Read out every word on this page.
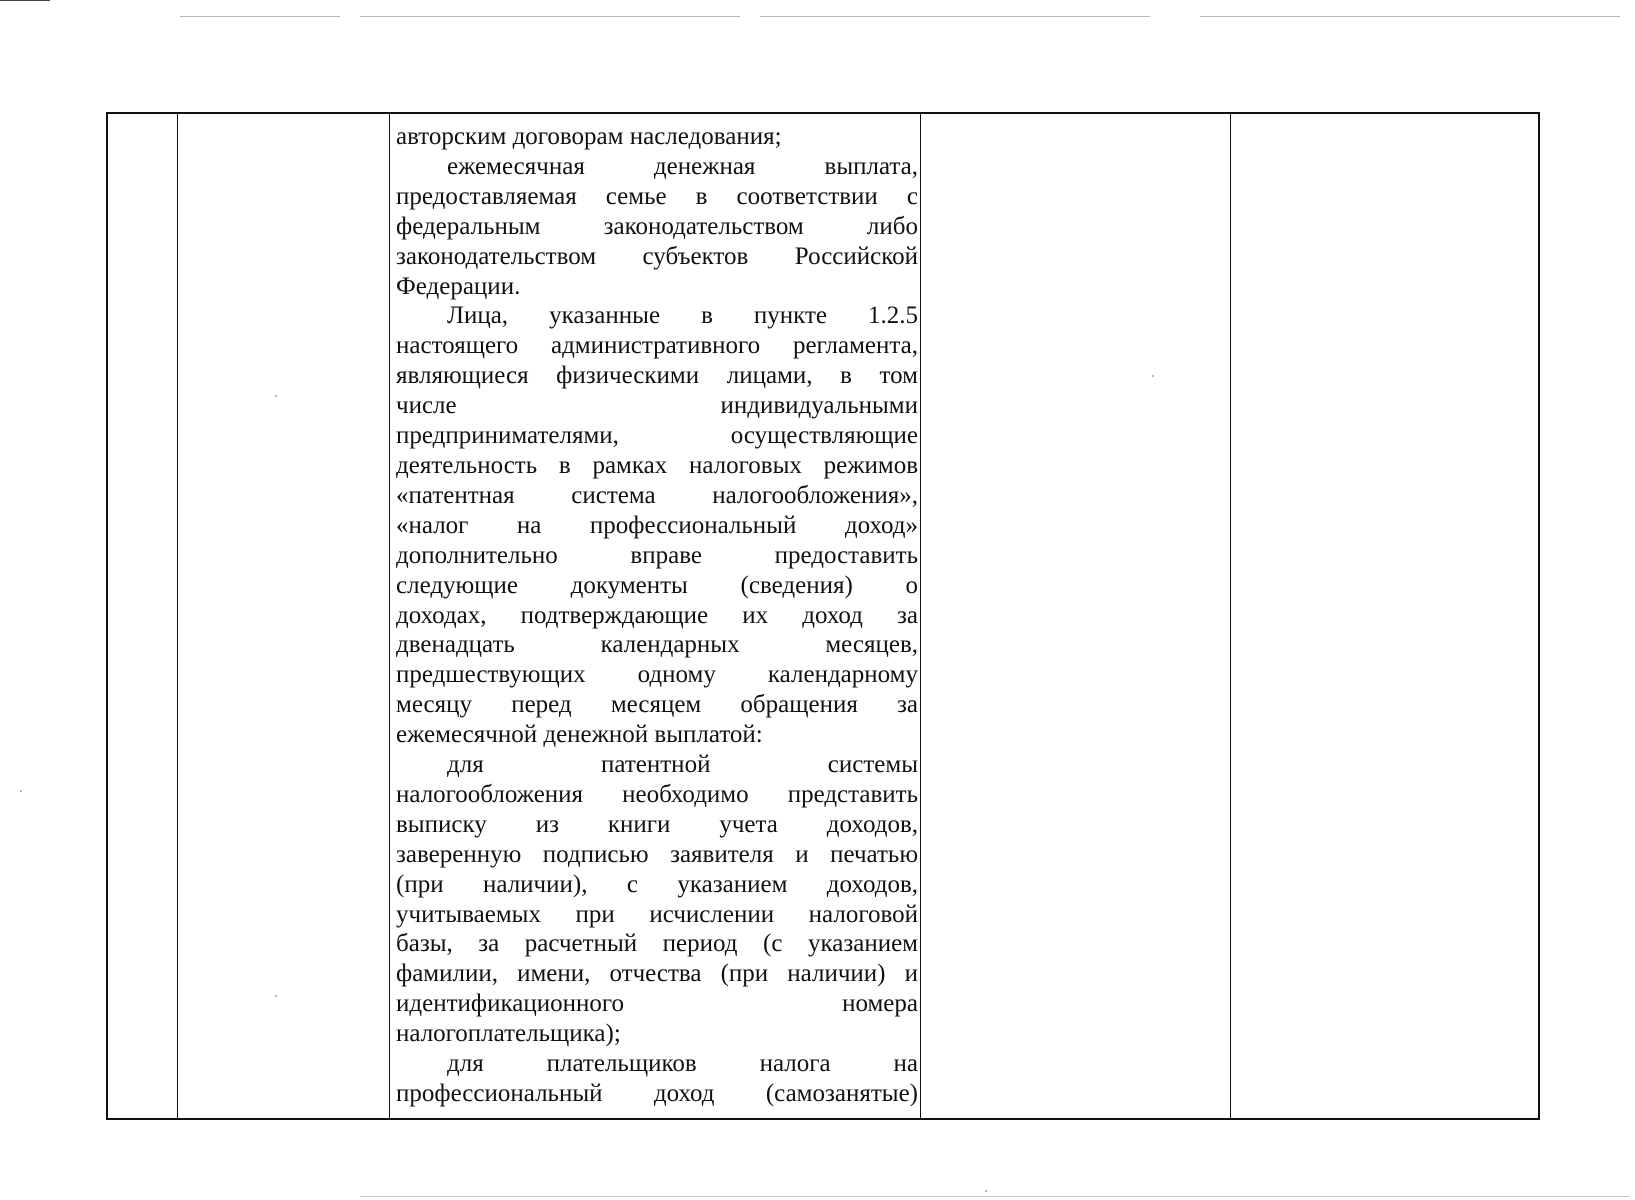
авторским договорам наследования;

ежемесячная денежная выплата,

предоставляемая семье в соответствии с

федеральным законодательством либо

законодательством субъектов Российской

Федерации.

Лица, указанные в пункте 1.2.5

настоящего административного регламента,

являющиеся физическими лицами, в том

числе индивидуальными

предпринимателями, осуществляющие

деятельность в рамках налоговых режимов

«патентная система налогообложения»,

«налог на профессиональный доход»

дополнительно вправе предоставить

следующие документы (сведения) о

доходах, подтверждающие их доход за

двенадцать календарных месяцев,

предшествующих одному календарному

месяцу перед месяцем обращения за

ежемесячной денежной выплатой:

для патентной системы

налогообложения необходимо представить

выписку из книги учета доходов,

заверенную подписью заявителя и печатью

(при наличии), с указанием доходов,

учитываемых при исчислении налоговой

базы, за расчетный период (с указанием

фамилии, имени, отчества (при наличии) и

идентификационного номера

налогоплательщика);

для плательщиков налога на

профессиональный доход (самозанятые)
